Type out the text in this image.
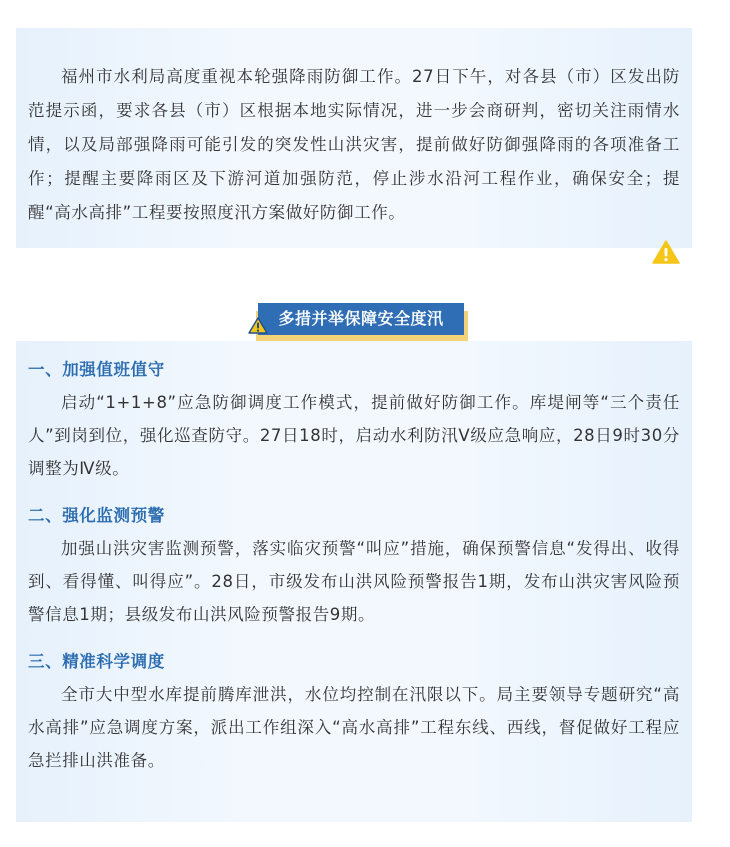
福州市水利局高度重视本轮强降雨防御工作。27日下午，对各县（市）区发出防范提示函，要求各县（市）区根据本地实际情况，进一步会商研判，密切关注雨情水情，以及局部强降雨可能引发的突发性山洪灾害，提前做好防御强降雨的各项准备工作；提醒主要降雨区及下游河道加强防范，停止涉水沿河工程作业，确保安全；提醒“高水高排”工程要按照度汛方案做好防御工作。

多措并举保障安全度汛
一、加强值班值守

启动“1+1+8”应急防御调度工作模式，提前做好防御工作。库堤闸等“三个责任人”到岗到位，强化巡查防守。27日18时，启动水利防汛Ⅴ级应急响应，28日9时30分调整为Ⅳ级。

二、强化监测预警

加强山洪灾害监测预警，落实临灾预警“叫应”措施，确保预警信息“发得出、收得到、看得懂、叫得应”。28日，市级发布山洪风险预警报告1期，发布山洪灾害风险预警信息1期；县级发布山洪风险预警报告9期。

三、精准科学调度

全市大中型水库提前腾库泄洪，水位均控制在汛限以下。局主要领导专题研究“高水高排”应急调度方案，派出工作组深入“高水高排”工程东线、西线，督促做好工程应急拦排山洪准备。
